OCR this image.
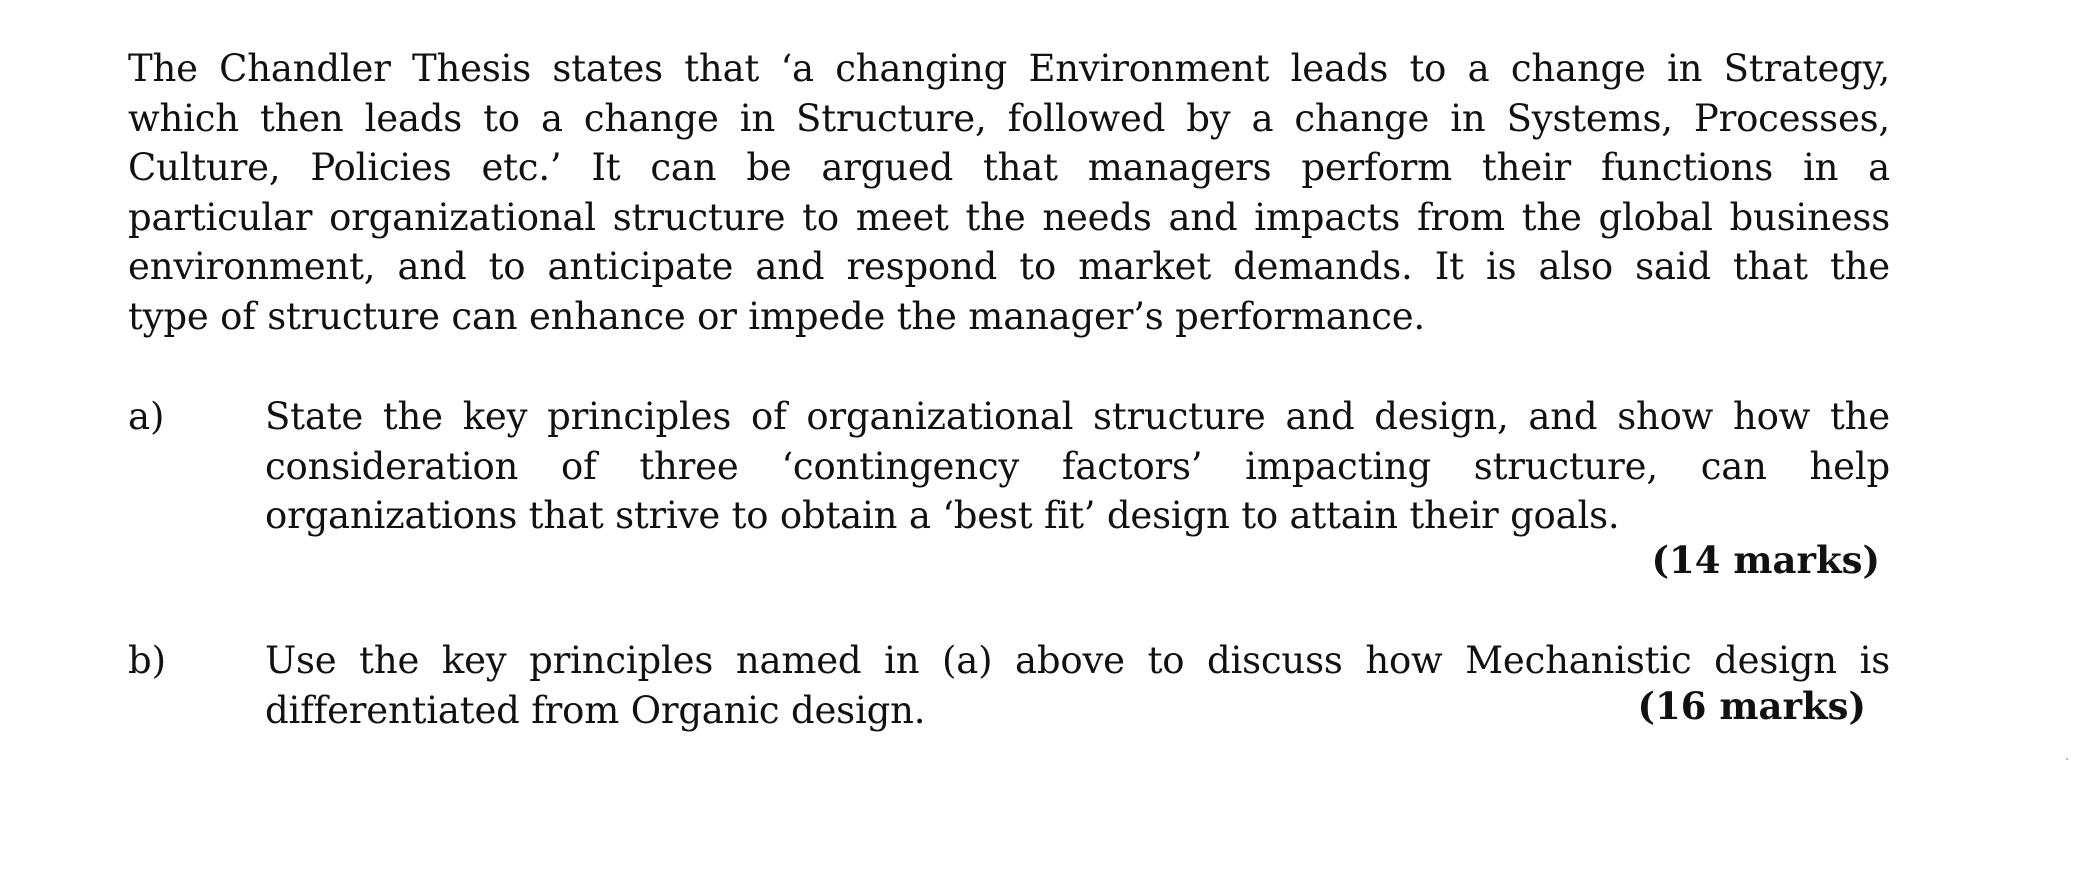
The Chandler Thesis states that ‘a changing Environment leads to a change in Strategy,
which then leads to a change in Structure, followed by a change in Systems, Processes,
Culture, Policies etc.’ It can be argued that managers perform their functions in a
particular organizational structure to meet the needs and impacts from the global business
environment, and to anticipate and respond to market demands. It is also said that the
type of structure can enhance or impede the manager’s performance.
a)	State the key principles of organizational structure and design, and show how the
consideration of three ‘contingency factors’ impacting structure, can help
organizations that strive to obtain a ‘best fit’ design to attain their goals.
(14 marks)
b)	Use the key principles named in (a) above to discuss how Mechanistic design is
differentiated from Organic design.	(16 marks)
